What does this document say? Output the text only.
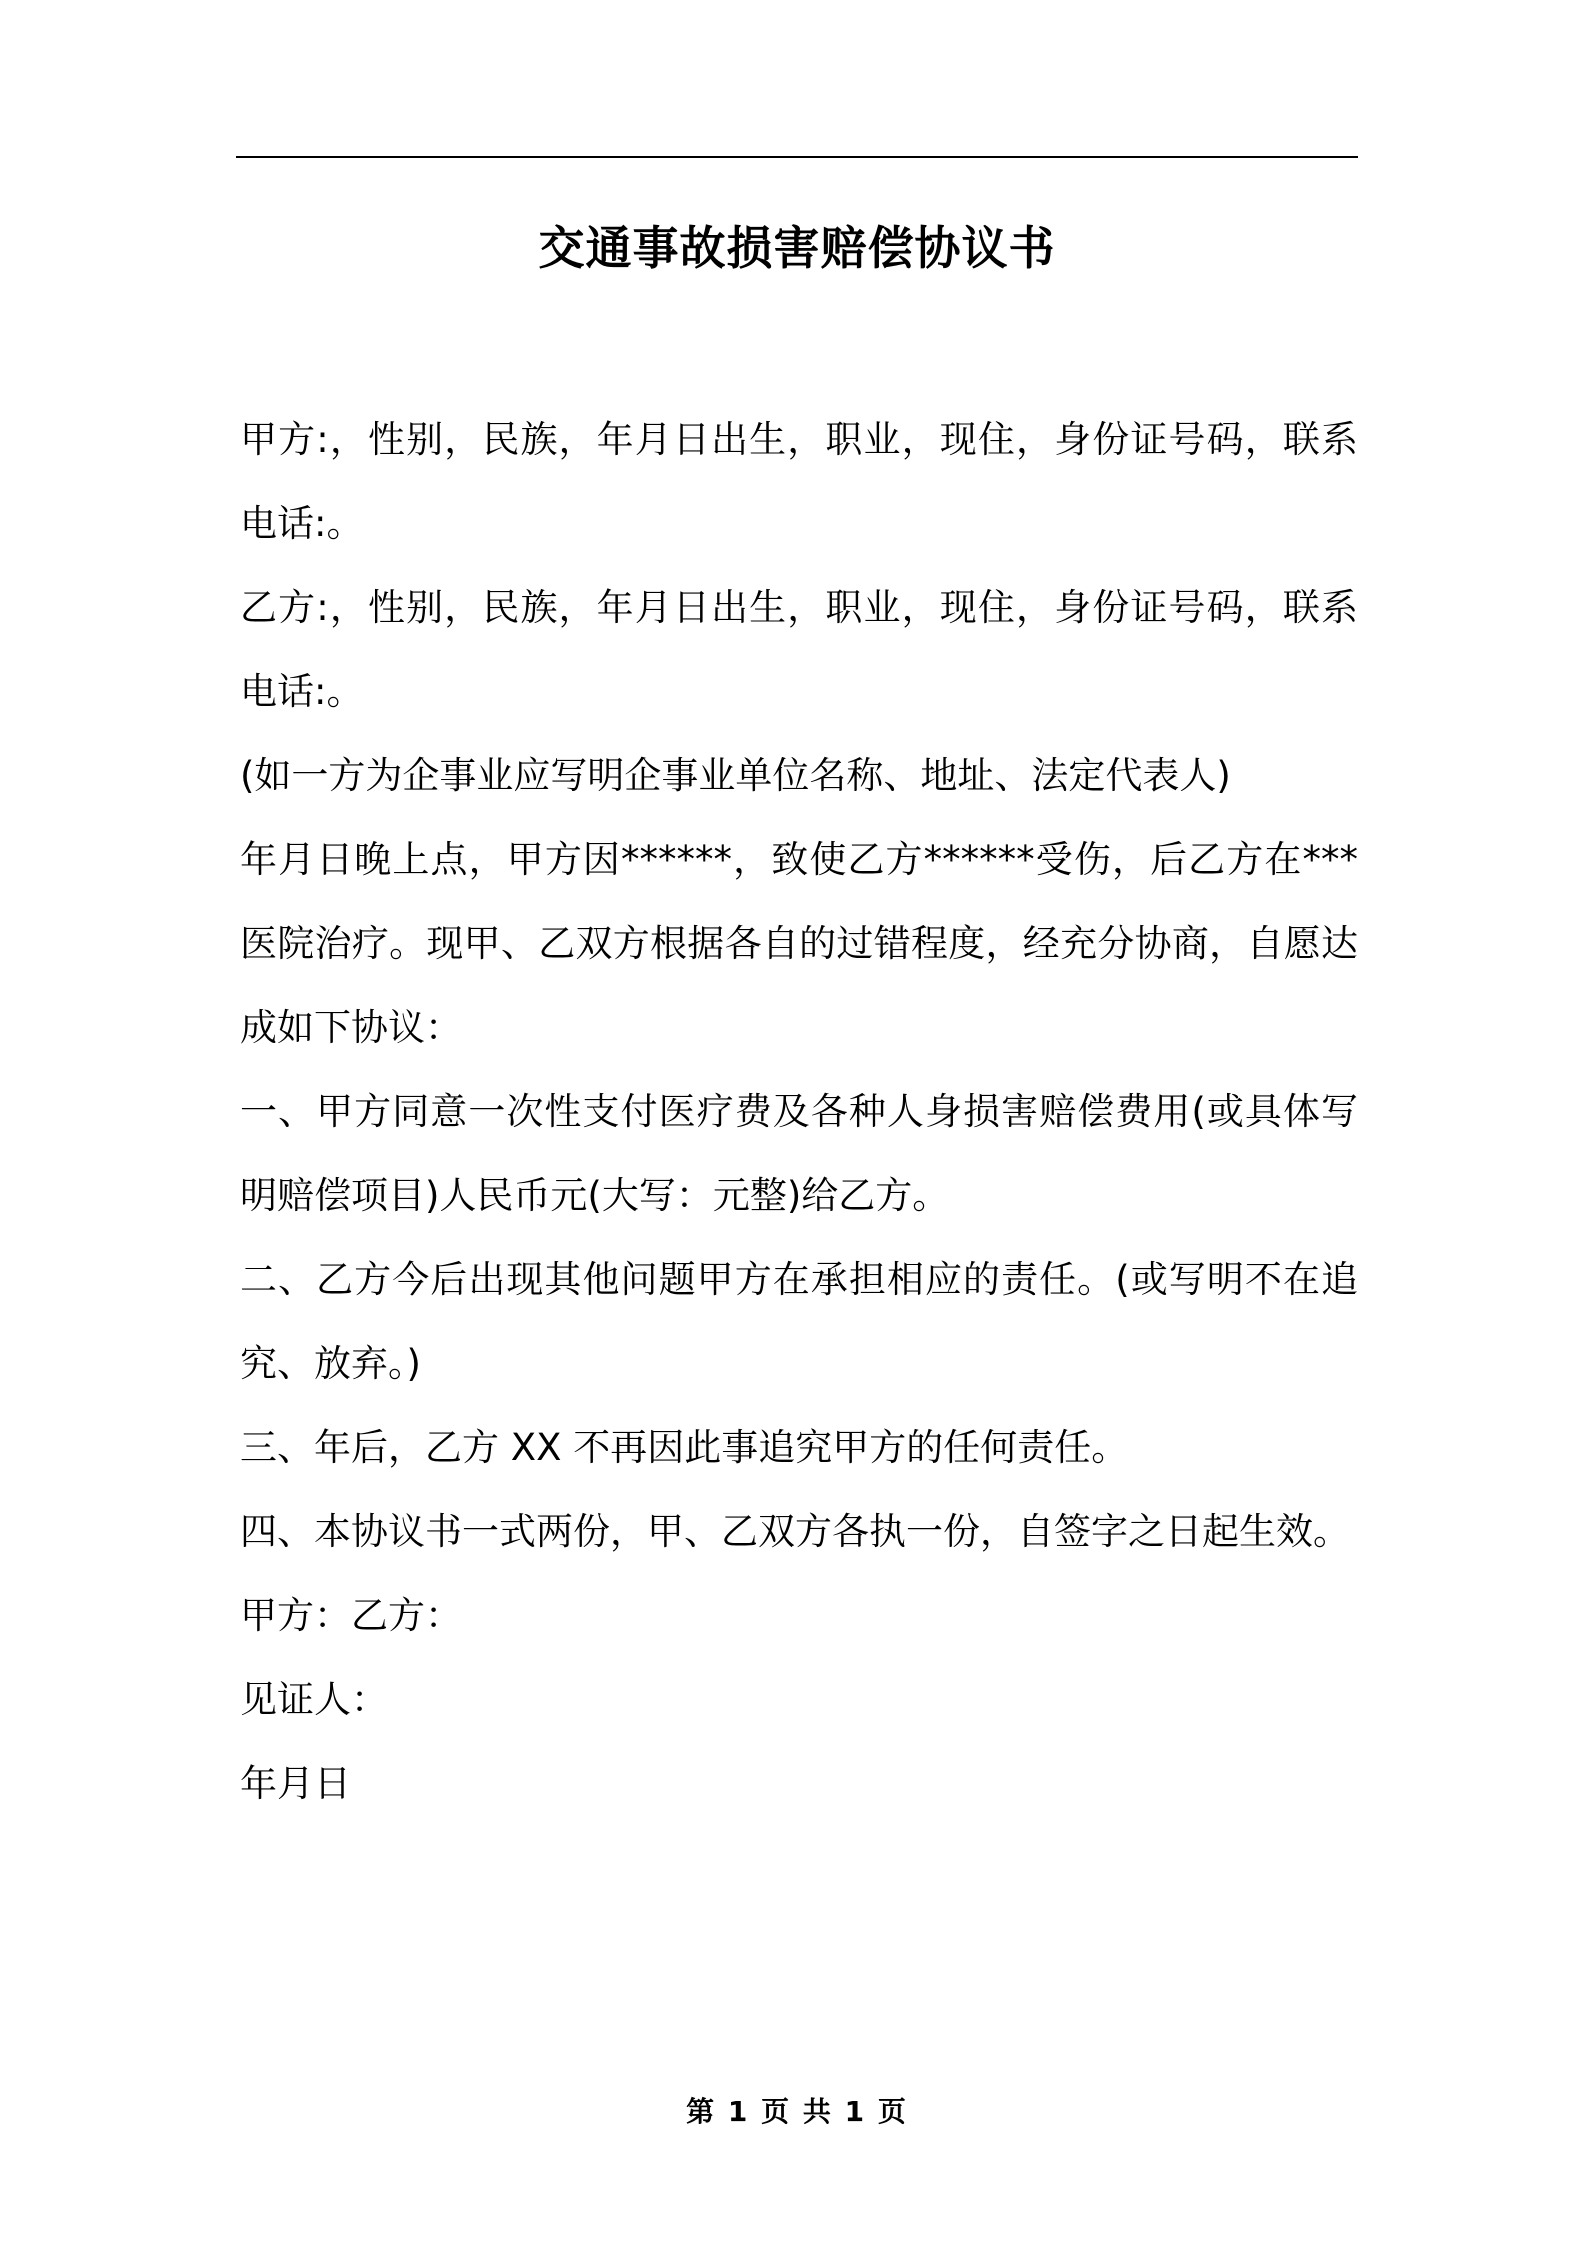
交通事故损害赔偿协议书

甲方:，性别，民族，年月日出生，职业，现住，身份证号码，联系电话:。

乙方:，性别，民族，年月日出生，职业，现住，身份证号码，联系电话:。

(如一方为企事业应写明企事业单位名称、地址、法定代表人)

年月日晚上点，甲方因******，致使乙方******受伤，后乙方在***医院治疗。现甲、乙双方根据各自的过错程度，经充分协商，自愿达成如下协议：

一、甲方同意一次性支付医疗费及各种人身损害赔偿费用(或具体写明赔偿项目)人民币元(大写：元整)给乙方。

二、乙方今后出现其他问题甲方在承担相应的责任。(或写明不在追究、放弃。)

三、年后，乙方 XX 不再因此事追究甲方的任何责任。

四、本协议书一式两份，甲、乙双方各执一份，自签字之日起生效。

甲方：乙方：

见证人：

年月日

第 1 页 共 1 页
